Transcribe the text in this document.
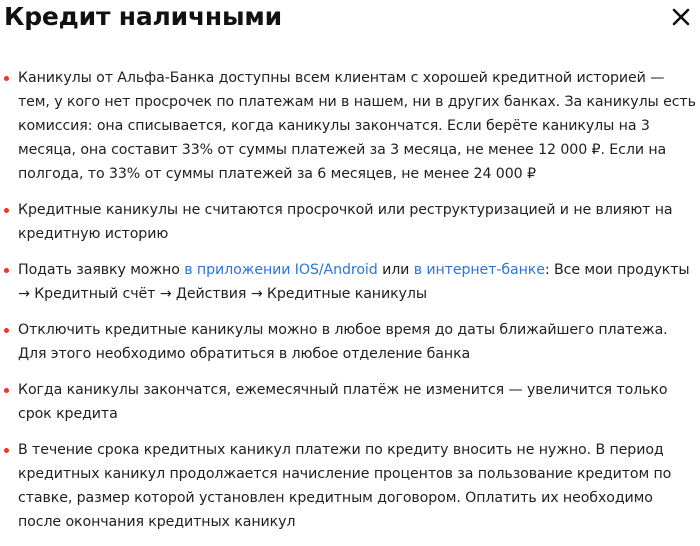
Кредит наличными
Каникулы от Альфа-Банка доступны всем клиентам с хорошей кредитной историей — тем, у кого нет просрочек по платежам ни в нашем, ни в других банках. За каникулы есть комиссия: она списывается, когда каникулы закончатся. Если берёте каникулы на 3 месяца, она составит 33% от суммы платежей за 3 месяца, не менее 12 000 ₽. Если на полгода, то 33% от суммы платежей за 6 месяцев, не менее 24 000 ₽
Кредитные каникулы не считаются просрочкой или реструктуризацией и не влияют на кредитную историю
Подать заявку можно в приложении IOS/Android или в интернет-банке: Все мои продукты → Кредитный счёт → Действия → Кредитные каникулы
Отключить кредитные каникулы можно в любое время до даты ближайшего платежа. Для этого необходимо обратиться в любое отделение банка
Когда каникулы закончатся, ежемесячный платёж не изменится — увеличится только срок кредита
В течение срока кредитных каникул платежи по кредиту вносить не нужно. В период кредитных каникул продолжается начисление процентов за пользование кредитом по ставке, размер которой установлен кредитным договором. Оплатить их необходимо после окончания кредитных каникул
